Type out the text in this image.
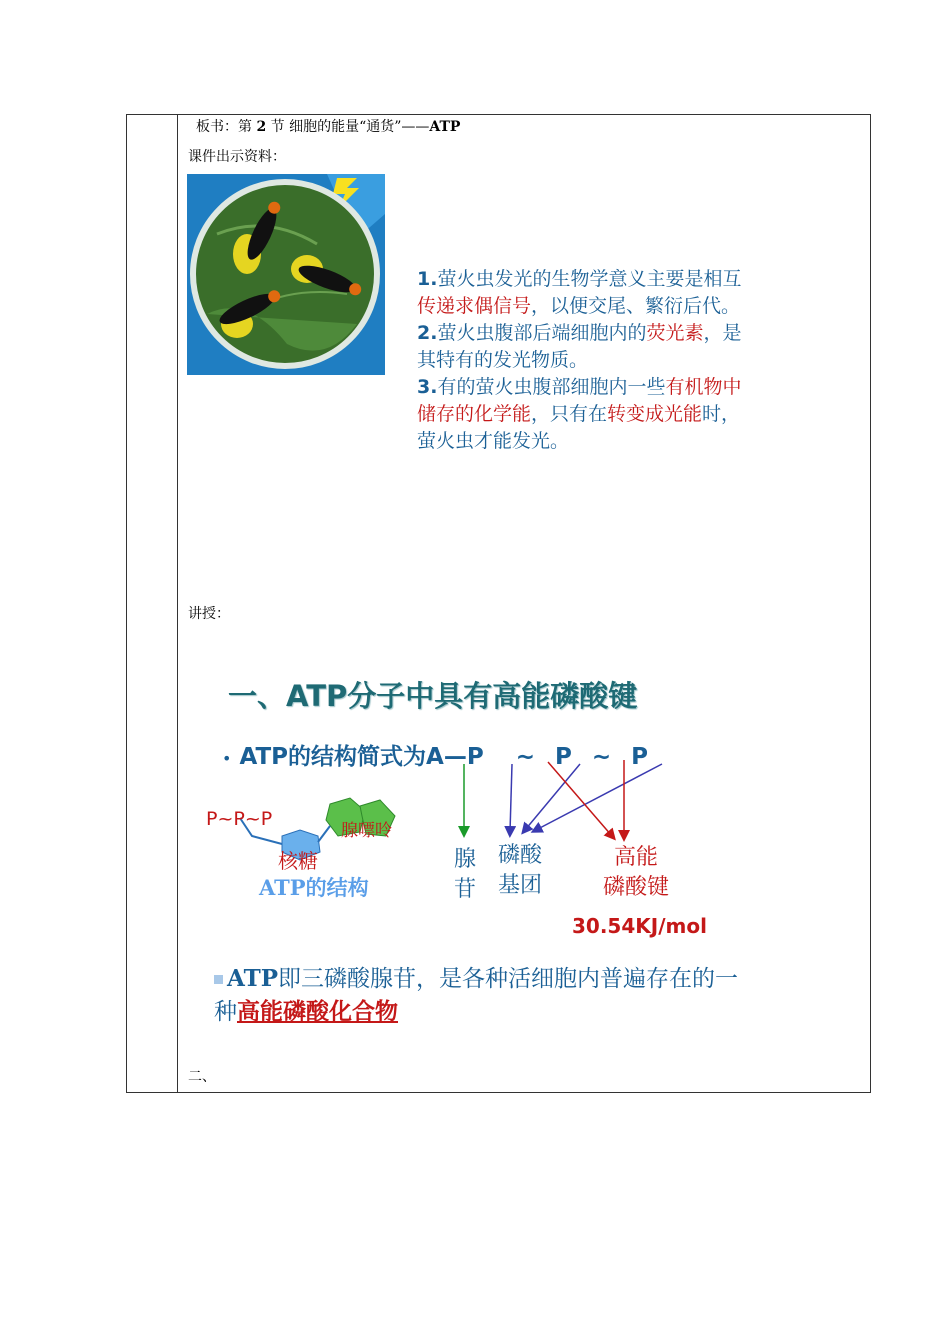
板书：第 2 节 细胞的能量“通货”——ATP
课件出示资料：
1.萤火虫发光的生物学意义主要是相互传递求偶信号，以便交尾、繁衍后代。
2.萤火虫腹部后端细胞内的荧光素，是其特有的发光物质。
3.有的萤火虫腹部细胞内一些有机物中储存的化学能，只有在转变成光能时，萤火虫才能发光。
讲授：
一、ATP分子中具有高能磷酸键
• ATP的结构简式为A—P ~ P ~ P
P~P~P
腺嘌呤
核糖
ATP的结构
腺
苷
磷酸
基团
高能
磷酸键
30.54KJ/mol
ATP即三磷酸腺苷，是各种活细胞内普遍存在的一种高能磷酸化合物
二、
